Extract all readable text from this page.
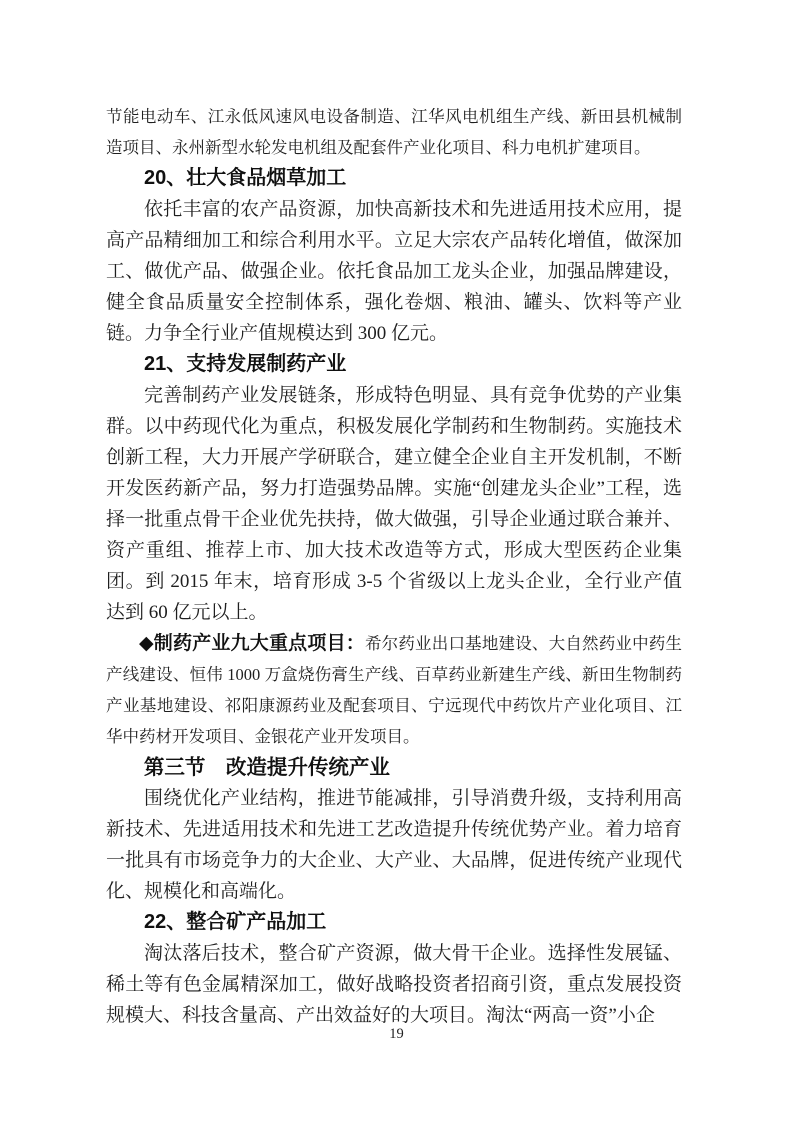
节能电动车、江永低风速风电设备制造、江华风电机组生产线、新田县机械制造项目、永州新型水轮发电机组及配套件产业化项目、科力电机扩建项目。

20、壮大食品烟草加工

依托丰富的农产品资源，加快高新技术和先进适用技术应用，提高产品精细加工和综合利用水平。立足大宗农产品转化增值，做深加工、做优产品、做强企业。依托食品加工龙头企业，加强品牌建设，健全食品质量安全控制体系，强化卷烟、粮油、罐头、饮料等产业链。力争全行业产值规模达到 300 亿元。

21、支持发展制药产业

完善制药产业发展链条，形成特色明显、具有竞争优势的产业集群。以中药现代化为重点，积极发展化学制药和生物制药。实施技术创新工程，大力开展产学研联合，建立健全企业自主开发机制，不断开发医药新产品，努力打造强势品牌。实施“创建龙头企业”工程，选择一批重点骨干企业优先扶持，做大做强，引导企业通过联合兼并、资产重组、推荐上市、加大技术改造等方式，形成大型医药企业集团。到 2015 年末，培育形成 3-5 个省级以上龙头企业，全行业产值达到 60 亿元以上。

◆制药产业九大重点项目：希尔药业出口基地建设、大自然药业中药生产线建设、恒伟 1000 万盒烧伤膏生产线、百草药业新建生产线、新田生物制药产业基地建设、祁阳康源药业及配套项目、宁远现代中药饮片产业化项目、江华中药材开发项目、金银花产业开发项目。

第三节　改造提升传统产业

围绕优化产业结构，推进节能减排，引导消费升级，支持利用高新技术、先进适用技术和先进工艺改造提升传统优势产业。着力培育一批具有市场竞争力的大企业、大产业、大品牌，促进传统产业现代化、规模化和高端化。

22、整合矿产品加工

淘汰落后技术，整合矿产资源，做大骨干企业。选择性发展锰、稀土等有色金属精深加工，做好战略投资者招商引资，重点发展投资规模大、科技含量高、产出效益好的大项目。淘汰“两高一资”小企

19
